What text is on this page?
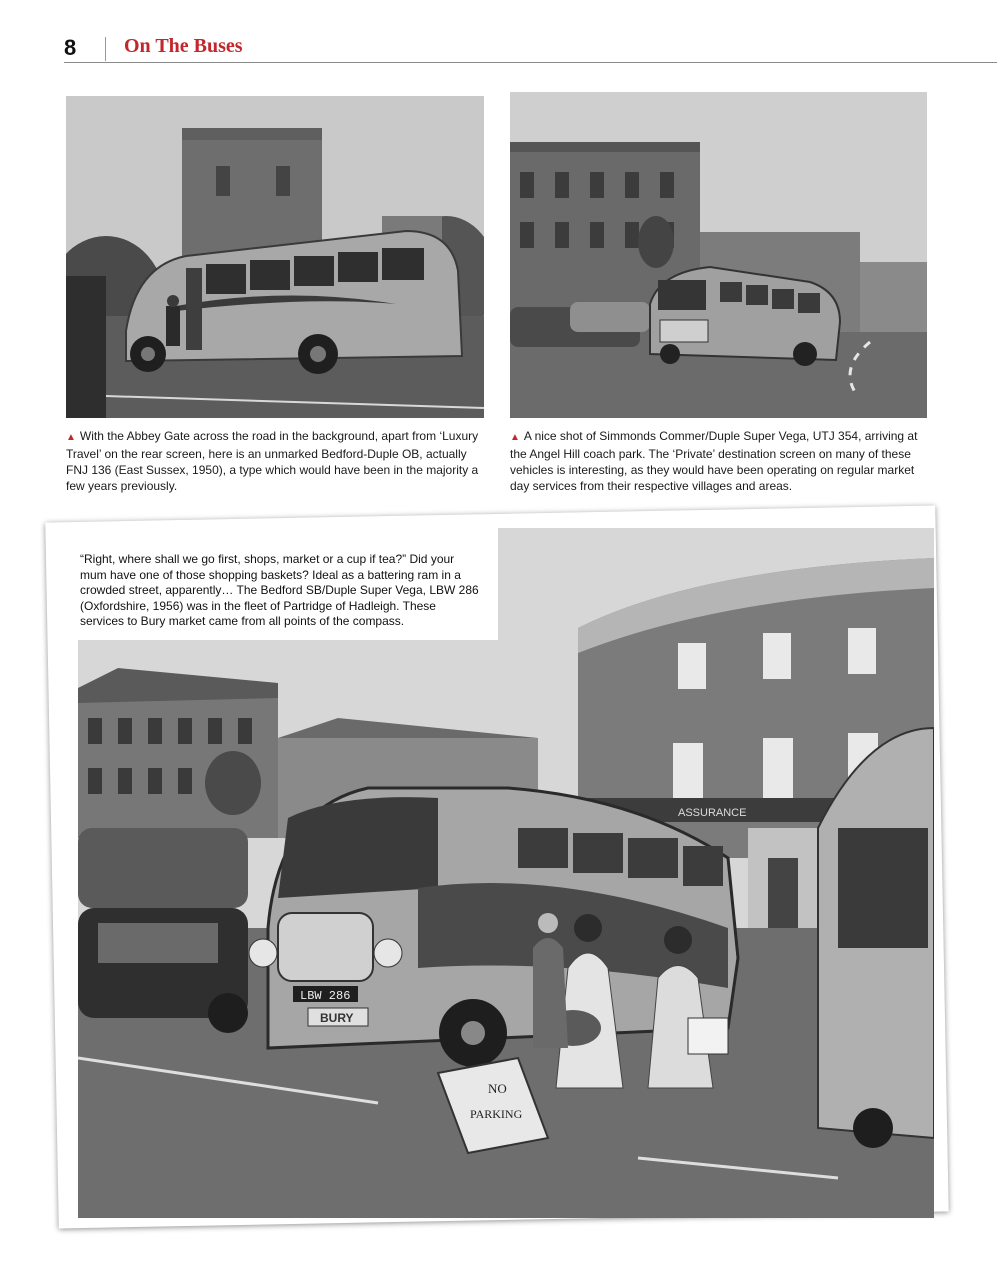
8 On The Buses
▲ With the Abbey Gate across the road in the background, apart from ‘Luxury Travel’ on the rear screen, here is an unmarked Bedford-Duple OB, actually FNJ 136 (East Sussex, 1950), a type which would have been in the majority a few years previously.
▲ A nice shot of Simmonds Commer/Duple Super Vega, UTJ 354, arriving at the Angel Hill coach park. The ‘Private’ destination screen on many of these vehicles is interesting, as they would have been operating on regular market day services from their respective villages and areas.
ASSURANCE
LBW 286
BURY
NO
PARKING
“Right, where shall we go first, shops, market or a cup if tea?” Did your mum have one of those shopping baskets? Ideal as a battering ram in a crowded street, apparently… The Bedford SB/Duple Super Vega, LBW 286 (Oxfordshire, 1956) was in the fleet of Partridge of Hadleigh. These services to Bury market came from all points of the compass.
